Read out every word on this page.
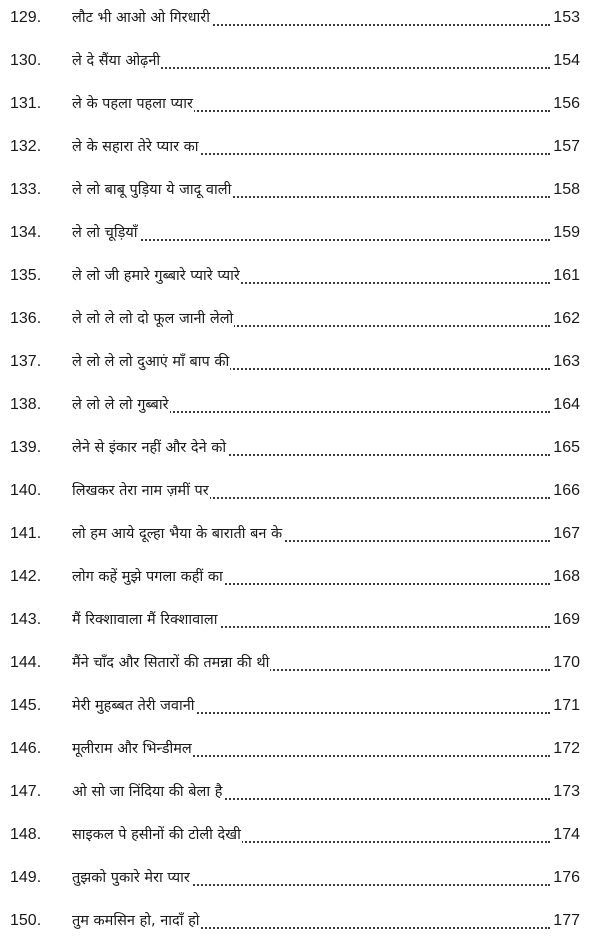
129. लौट भी आओ ओ गिरधारी	153
130. ले दे सैंया ओढ़नी	154
131. ले के पहला पहला प्यार	156
132. ले के सहारा तेरे प्यार का	157
133. ले लो बाबू पुड़िया ये जादू वाली	158
134. ले लो चूड़ियाँ	159
135. ले लो जी हमारे गुब्बारे प्यारे प्यारे	161
136. ले लो ले लो दो फूल जानी लेलो	162
137. ले लो ले लो दुआएं माँ बाप की	163
138. ले लो ले लो गुब्बारे	164
139. लेने से इंकार नहीं और देने को	165
140. लिखकर तेरा नाम ज़मीं पर	166
141. लो हम आये दूल्हा भैया के बाराती बन के	167
142. लोग कहें मुझे पगला कहीं का	168
143. मैं रिक्शावाला मैं रिक्शावाला	169
144. मैंने चाँद और सितारों की तमन्ना की थी	170
145. मेरी मुहब्बत तेरी जवानी	171
146. मूलीराम और भिन्डीमल	172
147. ओ सो जा निंदिया की बेला है	173
148. साइकल पे हसीनों की टोली देखी	174
149. तुझको पुकारे मेरा प्यार	176
150. तुम कमसिन हो, नादाँ हो	177
